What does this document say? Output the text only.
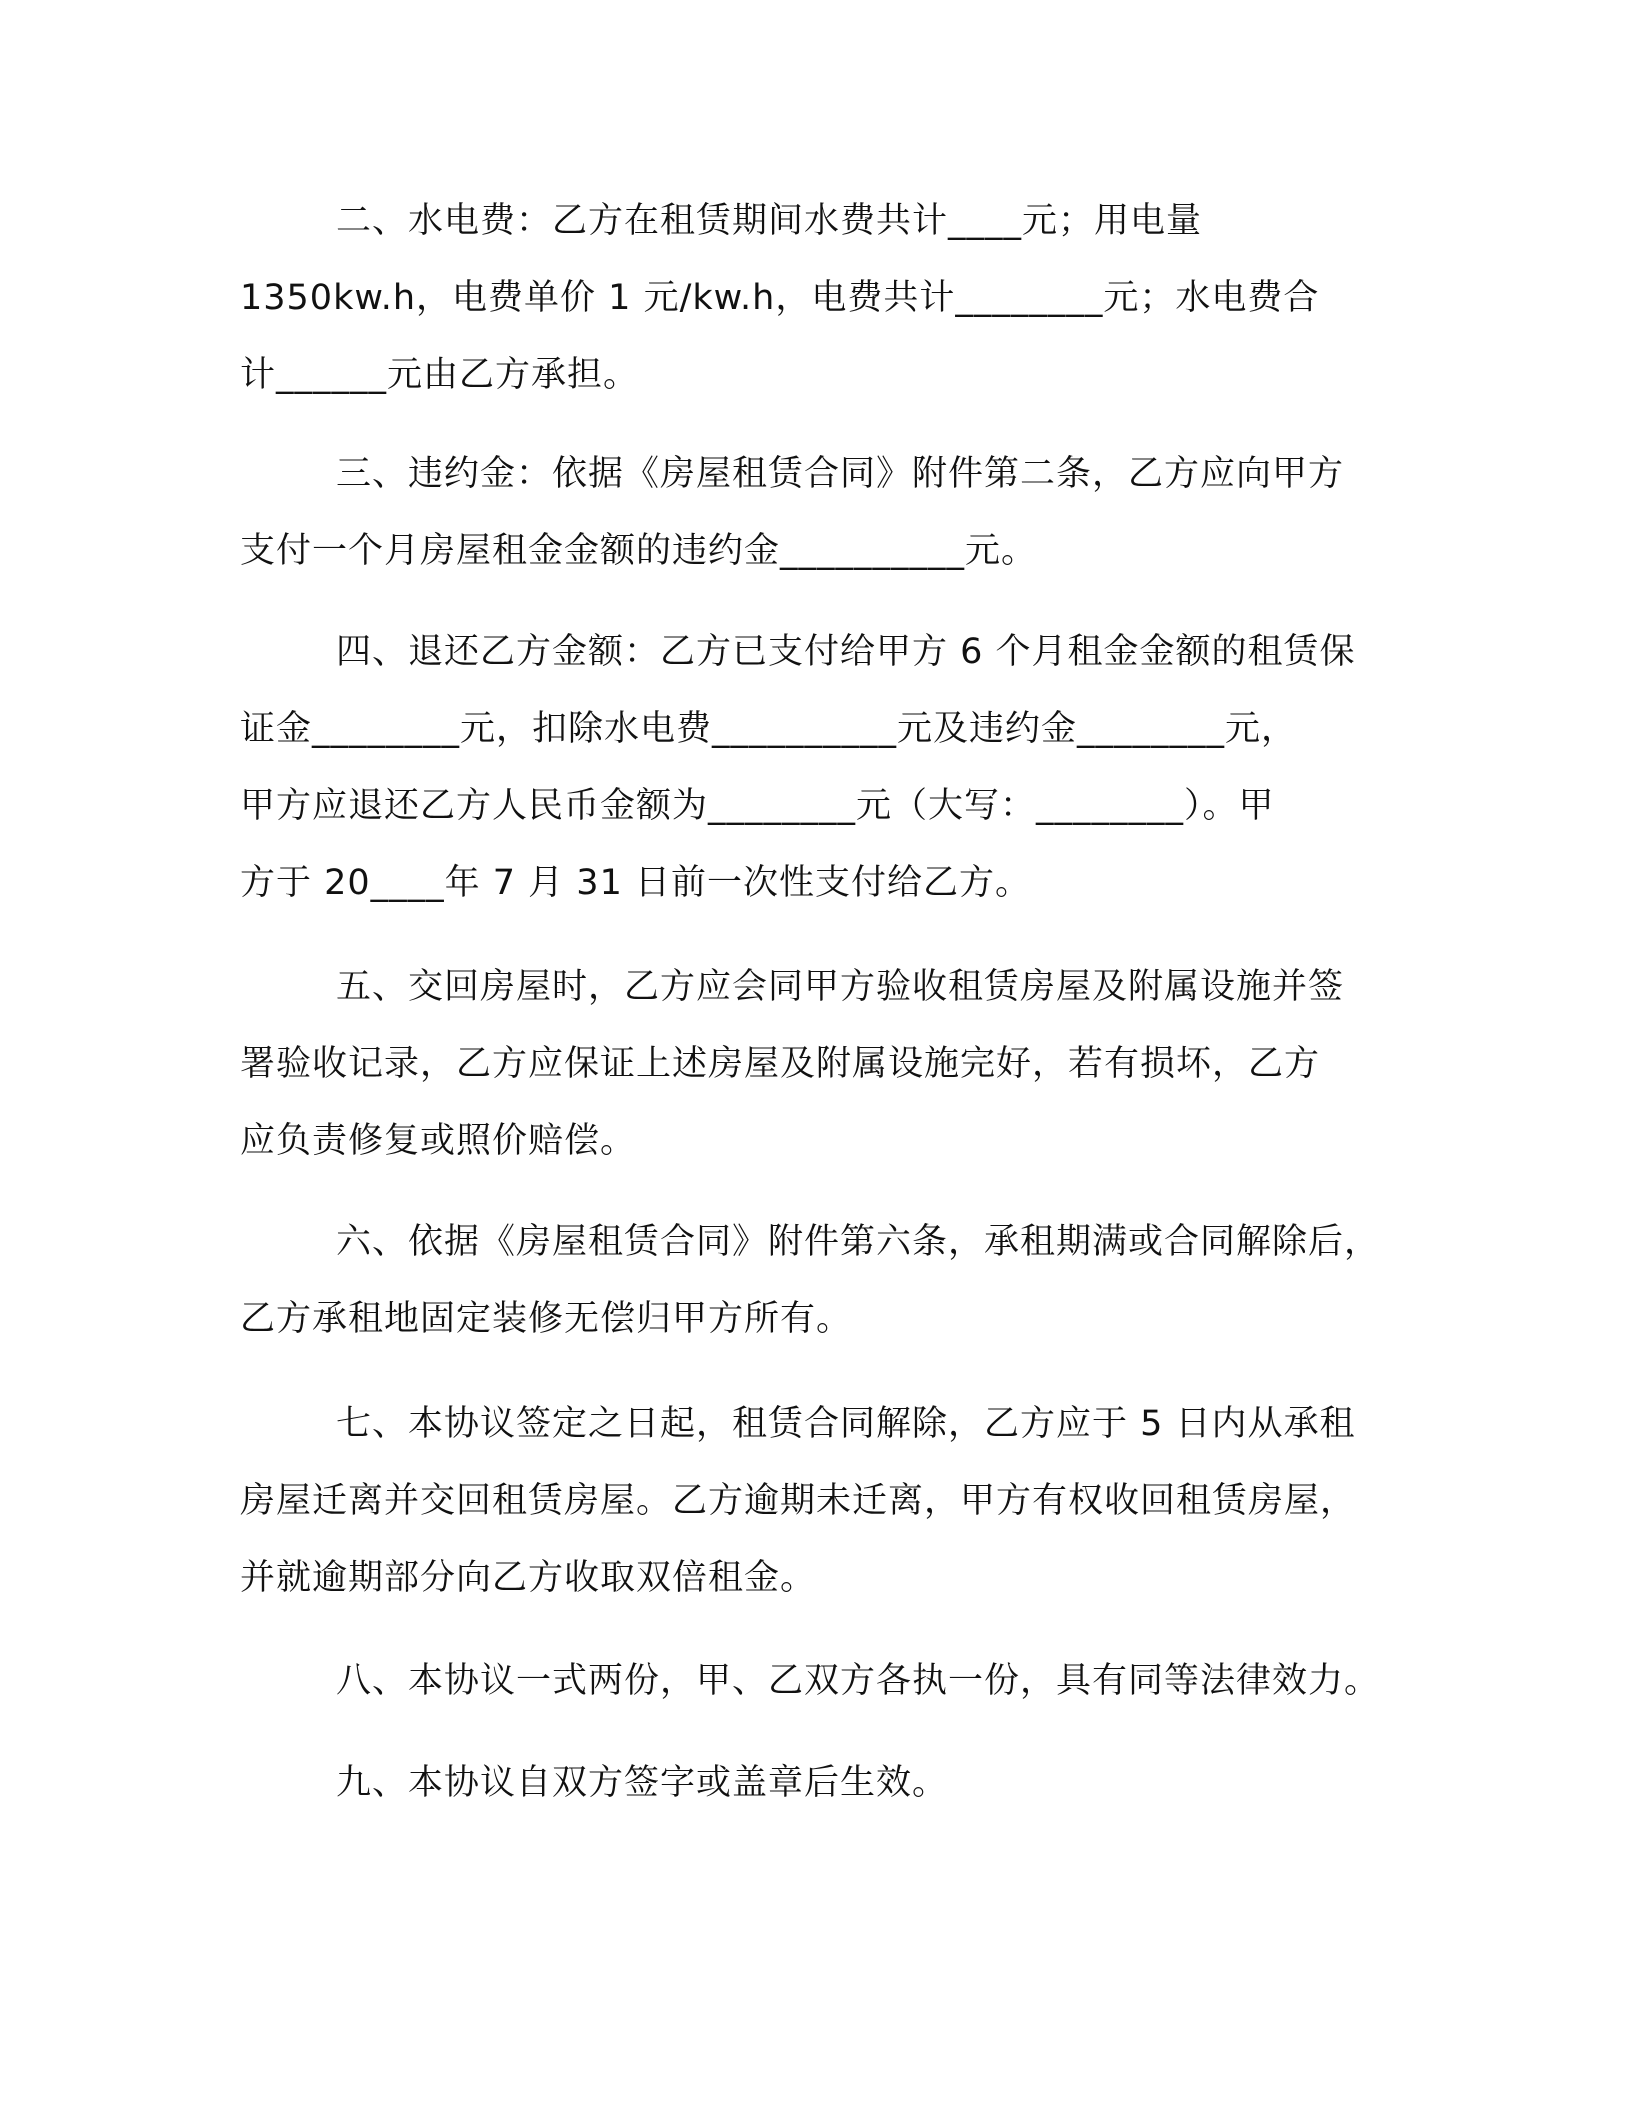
二、水电费：乙方在租赁期间水费共计____元；用电量
1350kw.h，电费单价 1 元/kw.h，电费共计________元；水电费合
计______元由乙方承担。
三、违约金：依据《房屋租赁合同》附件第二条，乙方应向甲方
支付一个月房屋租金金额的违约金__________元。
四、退还乙方金额：乙方已支付给甲方 6 个月租金金额的租赁保
证金________元，扣除水电费__________元及违约金________元，
甲方应退还乙方人民币金额为________元（大写：________）。甲
方于 20____年 7 月 31 日前一次性支付给乙方。
五、交回房屋时，乙方应会同甲方验收租赁房屋及附属设施并签
署验收记录，乙方应保证上述房屋及附属设施完好，若有损坏，乙方
应负责修复或照价赔偿。
六、依据《房屋租赁合同》附件第六条，承租期满或合同解除后，
乙方承租地固定装修无偿归甲方所有。
七、本协议签定之日起，租赁合同解除，乙方应于 5 日内从承租
房屋迁离并交回租赁房屋。乙方逾期未迁离，甲方有权收回租赁房屋，
并就逾期部分向乙方收取双倍租金。
八、本协议一式两份，甲、乙双方各执一份，具有同等法律效力。
九、本协议自双方签字或盖章后生效。
